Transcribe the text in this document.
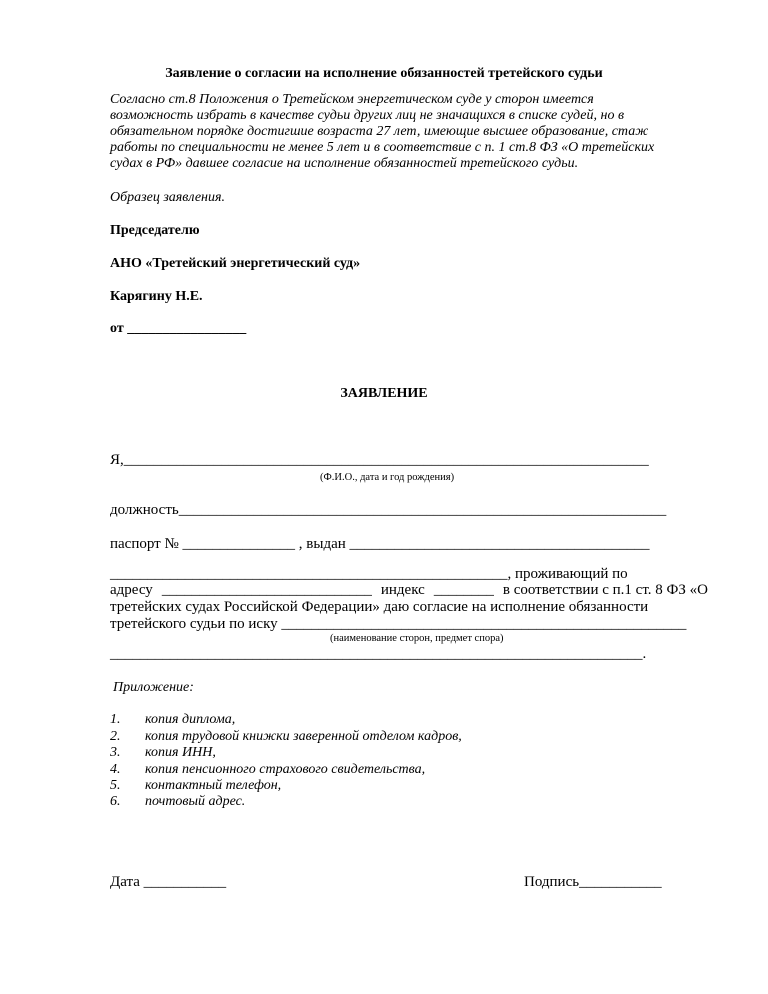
Заявление о согласии на исполнение обязанностей третейского судьи
Согласно ст.8 Положения о Третейском энергетическом суде у сторон имеется
возможность избрать в качестве судьи других лиц не значащихся в списке судей, но в
обязательном порядке достигшие возраста 27 лет, имеющие высшее образование, стаж
работы по специальности не менее 5 лет и в соответствие с п. 1 ст.8 ФЗ «О третейских
судах в РФ» давшее согласие на исполнение обязанностей третейского судьи.
Образец заявления.
Председателю
АНО «Третейский энергетический суд»
Карягину Н.Е.
от _________________
ЗАЯВЛЕНИЕ
Я,______________________________________________________________________
(Ф.И.О., дата и год рождения)
должность_________________________________________________________________
паспорт № _______________ , выдан ________________________________________
_____________________________________________________, проживающий по
адресу ____________________________ индекс ________ в соответствии с п.1 ст. 8 ФЗ «О
третейских судах Российской Федерации» даю согласие на исполнение обязанности
третейского судьи по иску ______________________________________________________
(наименование сторон, предмет спора)
_______________________________________________________________________.
Приложение:
1. копия диплома,
2. копия трудовой книжки заверенной отделом кадров,
3. копия ИНН,
4. копия пенсионного страхового свидетельства,
5. контактный телефон,
6. почтовый адрес.
Дата ___________	Подпись___________
